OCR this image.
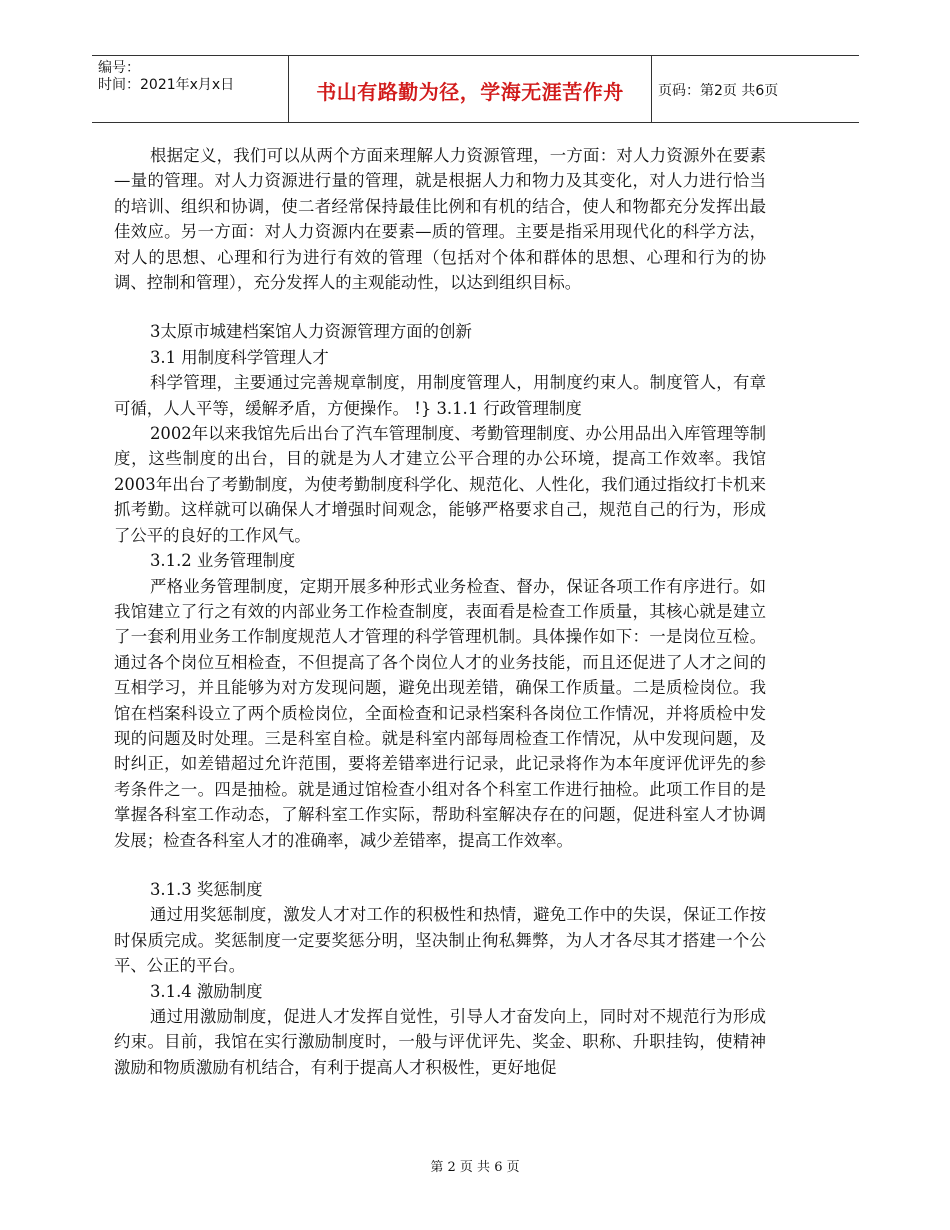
编号：
时间：2021年x月x日	书山有路勤为径，学海无涯苦作舟	页码：第2页 共6页

根据定义，我们可以从两个方面来理解人力资源管理，一方面：对人力资源外在要素—量的管理。对人力资源进行量的管理，就是根据人力和物力及其变化，对人力进行恰当的培训、组织和协调，使二者经常保持最佳比例和有机的结合，使人和物都充分发挥出最佳效应。另一方面：对人力资源内在要素—质的管理。主要是指采用现代化的科学方法，对人的思想、心理和行为进行有效的管理（包括对个体和群体的思想、心理和行为的协调、控制和管理），充分发挥人的主观能动性，以达到组织目标。

3太原市城建档案馆人力资源管理方面的创新

3.1 用制度科学管理人才

科学管理，主要通过完善规章制度，用制度管理人，用制度约束人。制度管人，有章可循，人人平等，缓解矛盾，方便操作。 !} 3.1.1 行政管理制度

2002年以来我馆先后出台了汽车管理制度、考勤管理制度、办公用品出入库管理等制度，这些制度的出台，目的就是为人才建立公平合理的办公环境，提高工作效率。我馆2003年出台了考勤制度，为使考勤制度科学化、规范化、人性化，我们通过指纹打卡机来抓考勤。这样就可以确保人才增强时间观念，能够严格要求自己，规范自己的行为，形成了公平的良好的工作风气。

3.1.2 业务管理制度

严格业务管理制度，定期开展多种形式业务检查、督办，保证各项工作有序进行。如我馆建立了行之有效的内部业务工作检查制度，表面看是检查工作质量，其核心就是建立了一套利用业务工作制度规范人才管理的科学管理机制。具体操作如下：一是岗位互检。通过各个岗位互相检查，不但提高了各个岗位人才的业务技能，而且还促进了人才之间的互相学习，并且能够为对方发现问题，避免出现差错，确保工作质量。二是质检岗位。我馆在档案科设立了两个质检岗位，全面检查和记录档案科各岗位工作情况，并将质检中发现的问题及时处理。三是科室自检。就是科室内部每周检查工作情况，从中发现问题，及时纠正，如差错超过允许范围，要将差错率进行记录，此记录将作为本年度评优评先的参考条件之一。四是抽检。就是通过馆检查小组对各个科室工作进行抽检。此项工作目的是掌握各科室工作动态，了解科室工作实际，帮助科室解决存在的问题，促进科室人才协调发展；检查各科室人才的准确率，减少差错率，提高工作效率。

3.1.3 奖惩制度

通过用奖惩制度，激发人才对工作的积极性和热情，避免工作中的失误，保证工作按时保质完成。奖惩制度一定要奖惩分明，坚决制止徇私舞弊，为人才各尽其才搭建一个公平、公正的平台。

3.1.4 激励制度

通过用激励制度，促进人才发挥自觉性，引导人才奋发向上，同时对不规范行为形成约束。目前，我馆在实行激励制度时，一般与评优评先、奖金、职称、升职挂钩，使精神激励和物质激励有机结合，有利于提高人才积极性，更好地促

第 2 页 共 6 页
